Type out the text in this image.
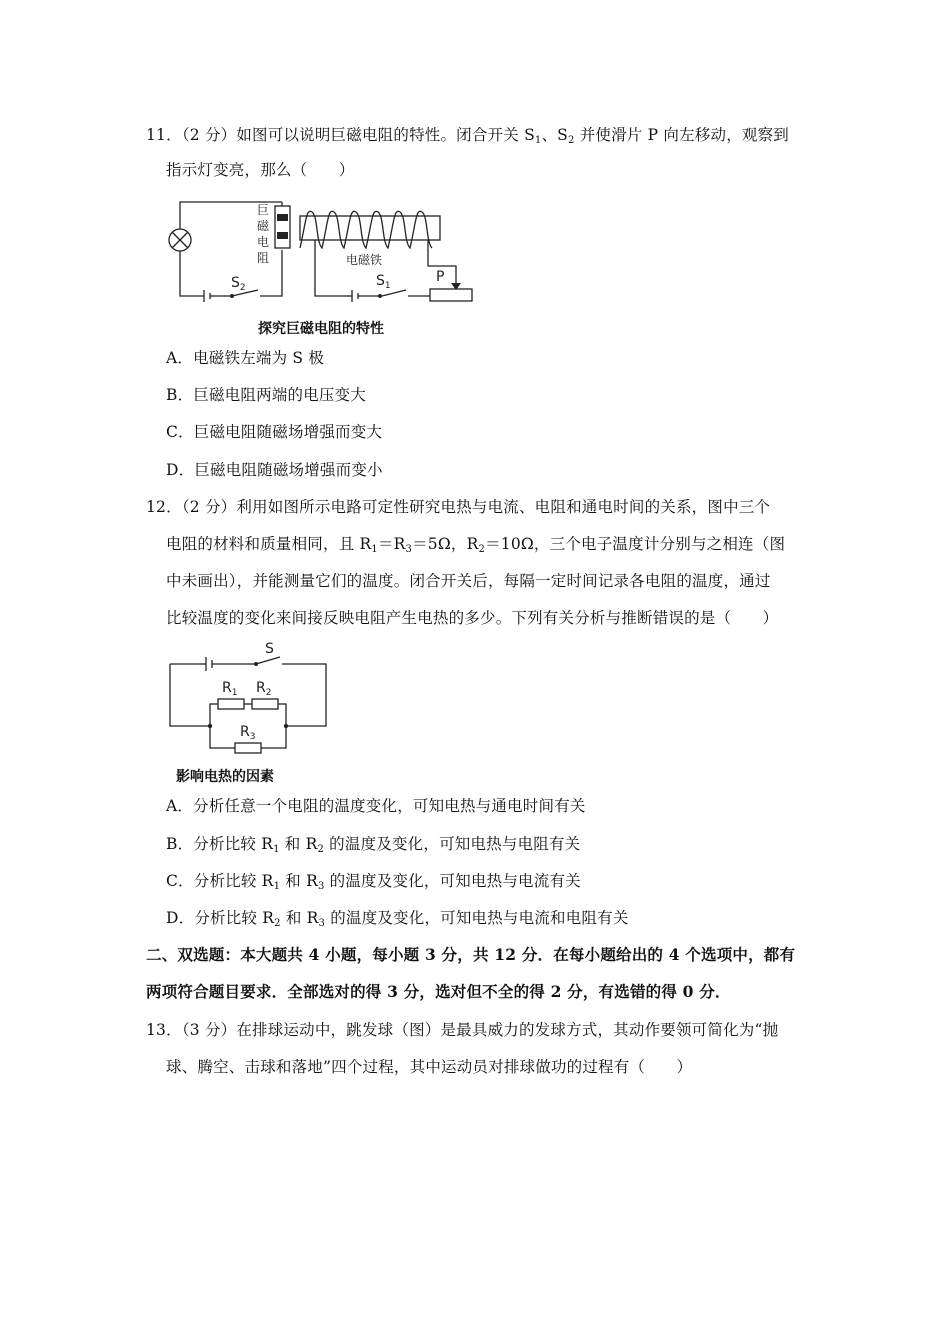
11．（2 分）如图可以说明巨磁电阻的特性。闭合开关 $S_1$、$S_2$ 并使滑片 P 向左移动，观察到
指示灯变亮，那么（　　）
巨
磁
电
阻	电磁铁
$S_2$	$S_1$
P
探究巨磁电阻的特性
A．电磁铁左端为 S 极
B．巨磁电阻两端的电压变大
C．巨磁电阻随磁场增强而变大
D．巨磁电阻随磁场增强而变小
12．（2 分）利用如图所示电路可定性研究电热与电流、电阻和通电时间的关系，图中三个
电阻的材料和质量相同，且 $R_1=R_3=5\Omega$，$R_2=10\Omega$，三个电子温度计分别与之相连（图
中未画出），并能测量它们的温度。闭合开关后，每隔一定时间记录各电阻的温度，通过
比较温度的变化来间接反映电阻产生电热的多少。下列有关分析与推断错误的是（　　）
S
$R_1$ $R_2$
$R_3$
影响电热的因素
A．分析任意一个电阻的温度变化，可知电热与通电时间有关
B．分析比较 $R_1$ 和 $R_2$ 的温度及变化，可知电热与电阻有关
C．分析比较 $R_1$ 和 $R_3$ 的温度及变化，可知电热与电流有关
D．分析比较 $R_2$ 和 $R_3$ 的温度及变化，可知电热与电流和电阻有关
二、双选题：本大题共 4 小题，每小题 3 分，共 12 分．在每小题给出的 4 个选项中，都有
两项符合题目要求．全部选对的得 3 分，选对但不全的得 2 分，有选错的得 0 分．
13．（3 分）在排球运动中，跳发球（图）是最具威力的发球方式，其动作要领可简化为“抛
球、腾空、击球和落地”四个过程，其中运动员对排球做功的过程有（　　）
